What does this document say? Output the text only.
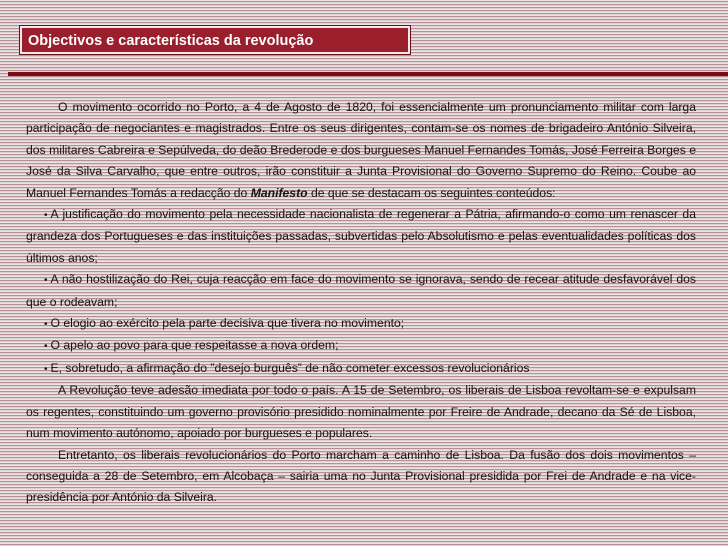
Objectivos e características da revolução

O movimento ocorrido no Porto, a 4 de Agosto de 1820, foi essencialmente um pronunciamento militar com larga participação de negociantes e magistrados. Entre os seus dirigentes, contam-se os nomes de brigadeiro António Silveira, dos militares Cabreira e Sepúlveda, do deão Brederode e dos burgueses Manuel Fernandes Tomás, José Ferreira Borges e José da Silva Carvalho, que entre outros, irão constituir a Junta Provisional do Governo Supremo do Reino. Coube ao Manuel Fernandes Tomás a redacção do Manifesto de que se destacam os seguintes conteúdos:

• A justificação do movimento pela necessidade nacionalista de regenerar a Pátria, afirmando-o como um renascer da grandeza dos Portugueses e das instituições passadas, subvertidas pelo Absolutismo e pelas eventualidades políticas dos últimos anos;

• A não hostilização do Rei, cuja reacção em face do movimento se ignorava, sendo de recear atitude desfavorável dos que o rodeavam;

• O elogio ao exército pela parte decisiva que tivera no movimento;

• O apelo ao povo para que respeitasse a nova ordem;

• E, sobretudo, a afirmação do ”desejo burguês” de não cometer excessos revolucionários

A Revolução teve adesão imediata por todo o país. A 15 de Setembro, os liberais de Lisboa revoltam-se e expulsam os regentes, constituindo um governo provisório presidido nominalmente por Freire de Andrade, decano da Sé de Lisboa, num movimento autónomo, apoiado por burgueses e populares.

Entretanto, os liberais revolucionários do Porto marcham a caminho de Lisboa. Da fusão dos dois movimentos – conseguida a 28 de Setembro, em Alcobaça – sairia uma no Junta Provisional presidida por Frei de Andrade e na vice-presidência por António da Silveira.
